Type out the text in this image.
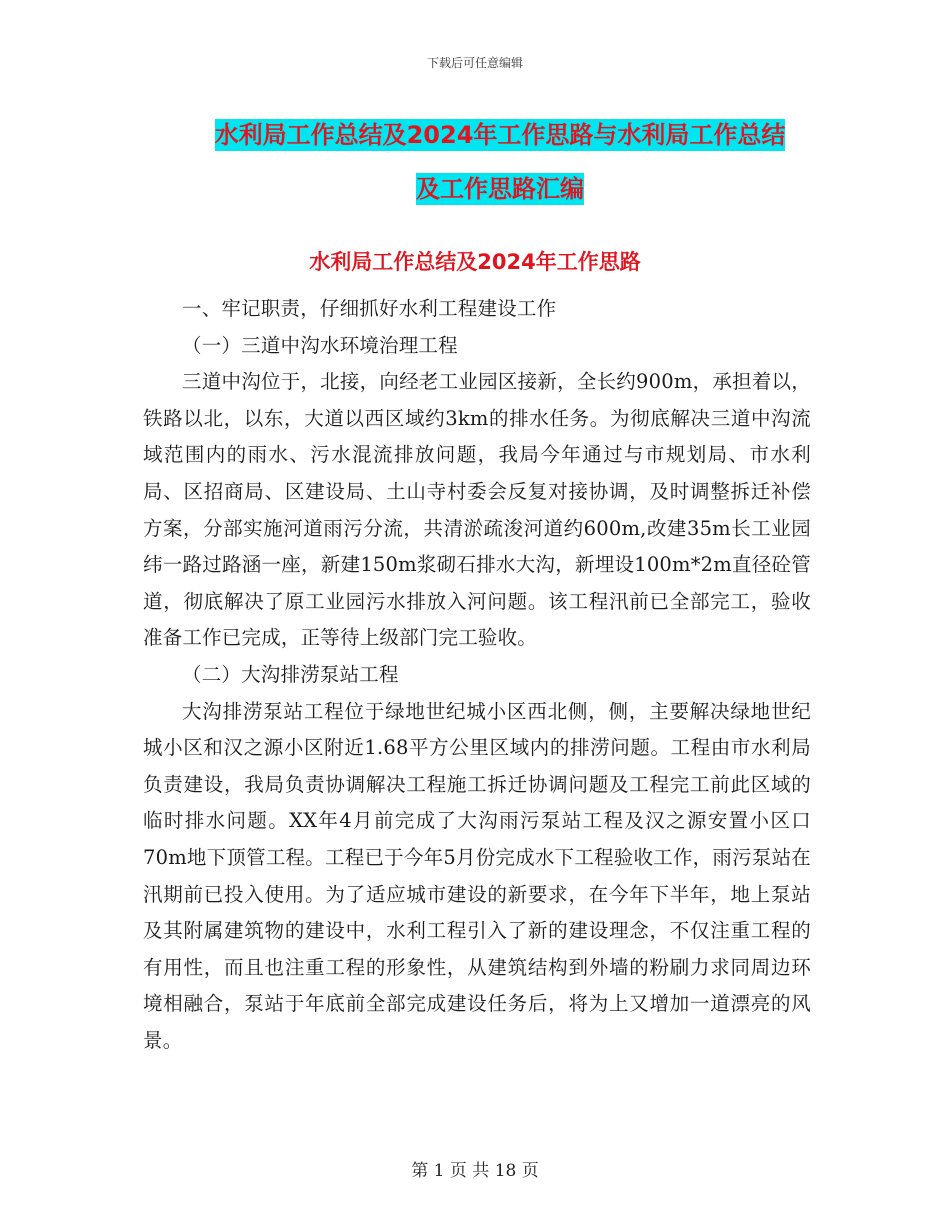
下载后可任意编辑
水利局工作总结及2024年工作思路与水利局工作总结
及工作思路汇编
水利局工作总结及2024年工作思路

一、牢记职责，仔细抓好水利工程建设工作

（一）三道中沟水环境治理工程

三道中沟位于，北接，向经老工业园区接新，全长约900m，承担着以，铁路以北，以东，大道以西区域约3km的排水任务。为彻底解决三道中沟流域范围内的雨水、污水混流排放问题，我局今年通过与市规划局、市水利局、区招商局、区建设局、土山寺村委会反复对接协调，及时调整拆迁补偿方案，分部实施河道雨污分流，共清淤疏浚河道约600m,改建35m长工业园纬一路过路涵一座，新建150m浆砌石排水大沟，新埋设100m*2m直径砼管道，彻底解决了原工业园污水排放入河问题。该工程汛前已全部完工，验收准备工作已完成，正等待上级部门完工验收。

（二）大沟排涝泵站工程

大沟排涝泵站工程位于绿地世纪城小区西北侧，侧，主要解决绿地世纪城小区和汉之源小区附近1.68平方公里区域内的排涝问题。工程由市水利局负责建设，我局负责协调解决工程施工拆迁协调问题及工程完工前此区域的临时排水问题。XX年4月前完成了大沟雨污泵站工程及汉之源安置小区口70m地下顶管工程。工程已于今年5月份完成水下工程验收工作，雨污泵站在汛期前已投入使用。为了适应城市建设的新要求，在今年下半年，地上泵站及其附属建筑物的建设中，水利工程引入了新的建设理念，不仅注重工程的有用性，而且也注重工程的形象性，从建筑结构到外墙的粉刷力求同周边环境相融合，泵站于年底前全部完成建设任务后，将为上又增加一道漂亮的风景。

第 1 页 共 18 页
